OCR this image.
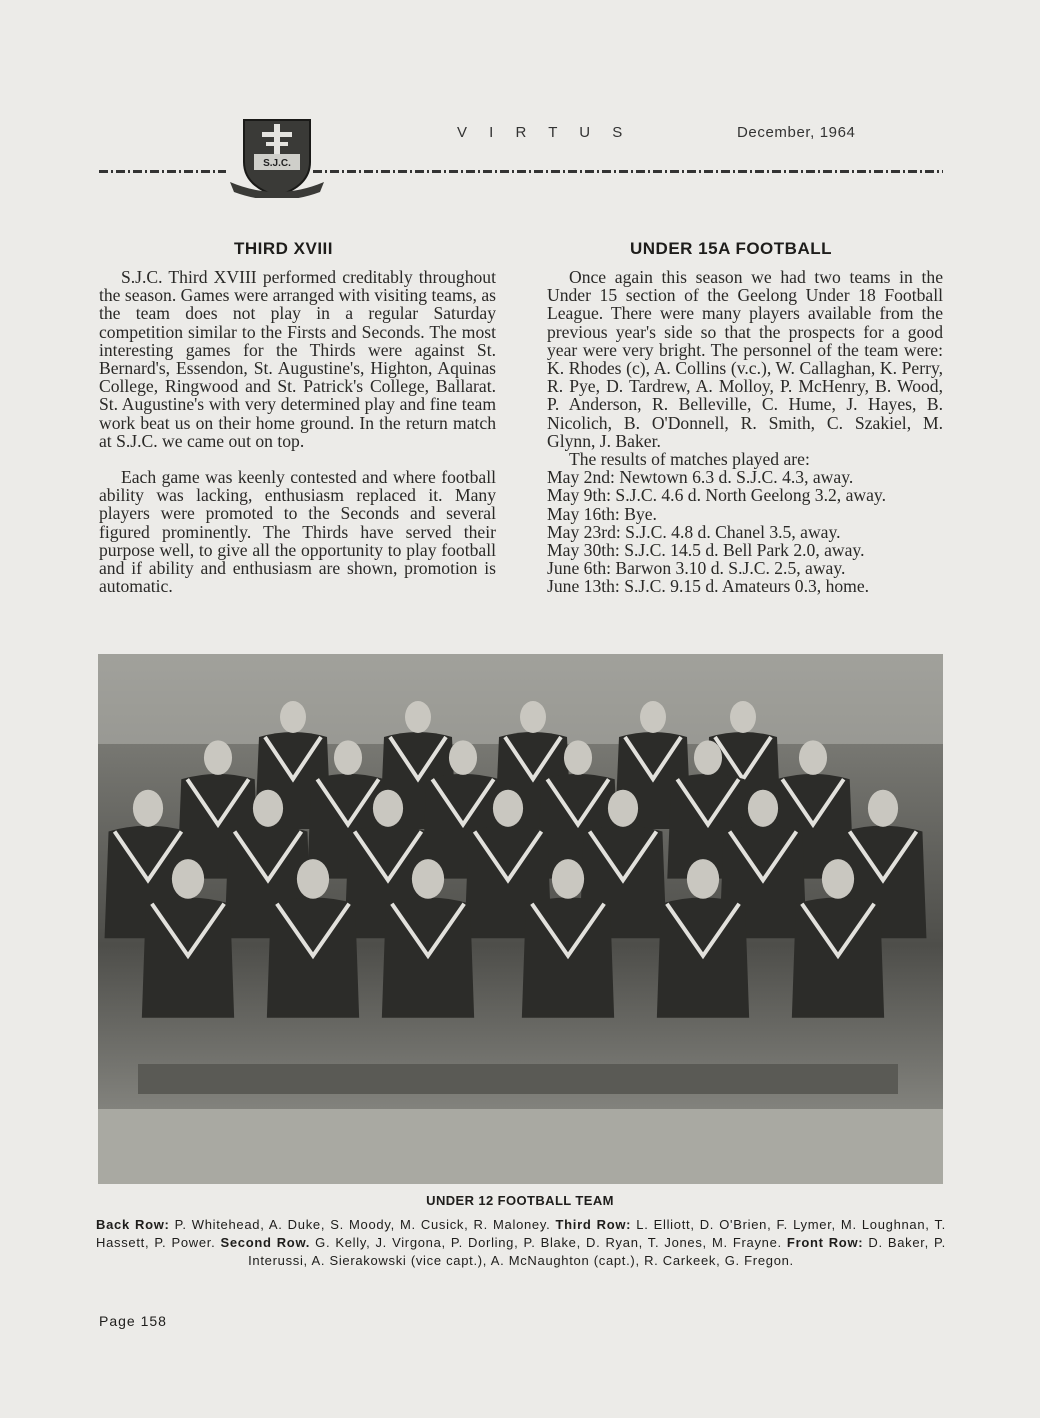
S.J.C.
V I R T U S	December, 1964
THIRD XVIII

S.J.C. Third XVIII performed creditably throughout the season. Games were arranged with visiting teams, as the team does not play in a regular Saturday competition similar to the Firsts and Seconds. The most interesting games for the Thirds were against St. Bernard's, Essendon, St. Augustine's, Highton, Aquinas College, Ringwood and St. Patrick's College, Ballarat. St. Augustine's with very determined play and fine team work beat us on their home ground. In the return match at S.J.C. we came out on top.

Each game was keenly contested and where football ability was lacking, enthusiasm replaced it. Many players were promoted to the Seconds and several figured prominently. The Thirds have served their purpose well, to give all the opportunity to play football and if ability and enthusiasm are shown, promotion is automatic.

UNDER 15A FOOTBALL

Once again this season we had two teams in the Under 15 section of the Geelong Under 18 Football League. There were many players available from the previous year's side so that the prospects for a good year were very bright. The personnel of the team were: K. Rhodes (c), A. Collins (v.c.), W. Callaghan, K. Perry, R. Pye, D. Tardrew, A. Molloy, P. McHenry, B. Wood, P. Anderson, R. Belleville, C. Hume, J. Hayes, B. Nicolich, B. O'Donnell, R. Smith, C. Szakiel, M. Glynn, J. Baker.

The results of matches played are:

May 2nd: Newtown 6.3 d. S.J.C. 4.3, away.
May 9th: S.J.C. 4.6 d. North Geelong 3.2, away.
May 16th: Bye.
May 23rd: S.J.C. 4.8 d. Chanel 3.5, away.
May 30th: S.J.C. 14.5 d. Bell Park 2.0, away.
June 6th: Barwon 3.10 d. S.J.C. 2.5, away.
June 13th: S.J.C. 9.15 d. Amateurs 0.3, home.
UNDER 12 FOOTBALL TEAM
Back Row: P. Whitehead, A. Duke, S. Moody, M. Cusick, R. Maloney. Third Row: L. Elliott, D. O'Brien, F. Lymer, M. Loughnan, T. Hassett, P. Power. Second Row. G. Kelly, J. Virgona, P. Dorling, P. Blake, D. Ryan, T. Jones, M. Frayne. Front Row: D. Baker, P. Interussi, A. Sierakowski (vice capt.), A. McNaughton (capt.), R. Carkeek, G. Fregon.
Page 158
